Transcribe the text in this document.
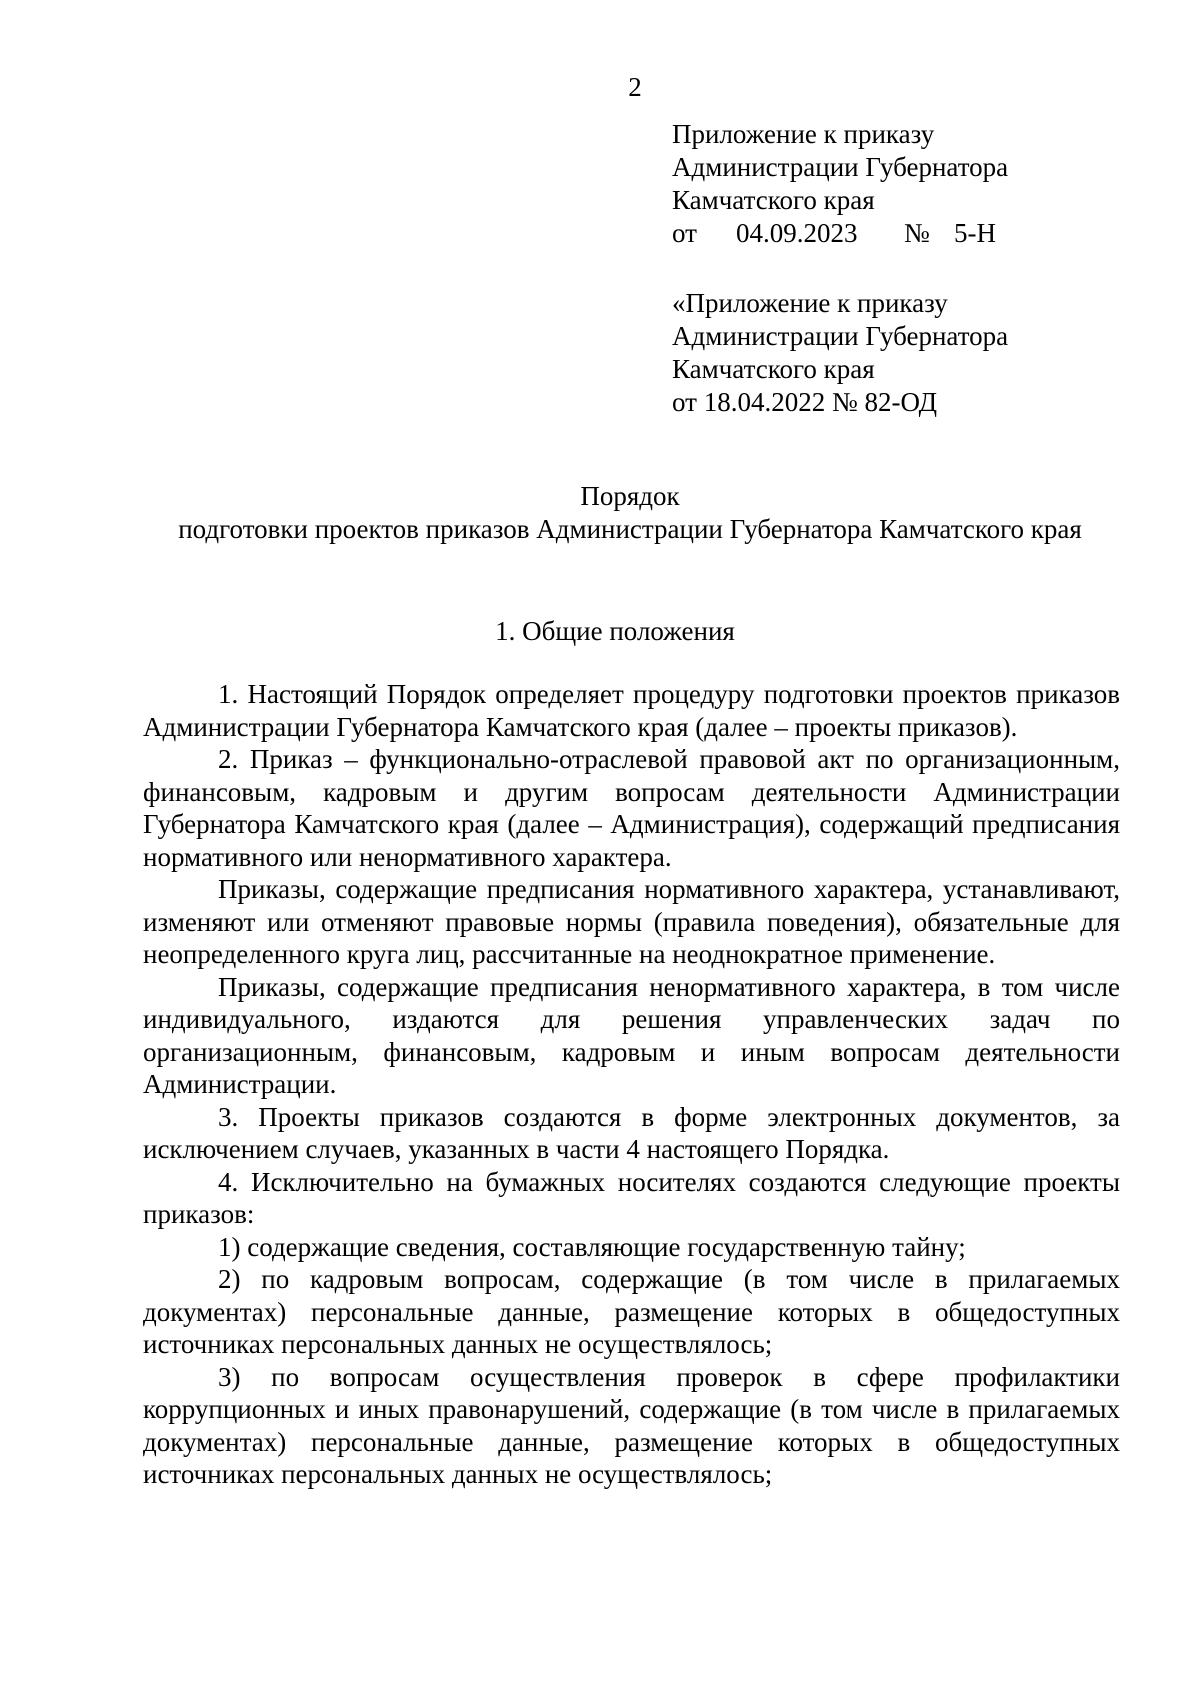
2
Приложение к приказу
Администрации Губернатора
Камчатского края
от 04.09.2023 № 5-Н
«Приложение к приказу
Администрации Губернатора
Камчатского края
от 18.04.2022 № 82-ОД
Порядок
подготовки проектов приказов Администрации Губернатора Камчатского края
1. Общие положения

1. Настоящий Порядок определяет процедуру подготовки проектов приказов Администрации Губернатора Камчатского края (далее – проекты приказов).

2. Приказ – функционально-отраслевой правовой акт по организационным, финансовым, кадровым и другим вопросам деятельности Администрации Губернатора Камчатского края (далее – Администрация), содержащий предписания нормативного или ненормативного характера.

Приказы, содержащие предписания нормативного характера, устанавливают, изменяют или отменяют правовые нормы (правила поведения), обязательные для неопределенного круга лиц, рассчитанные на неоднократное применение.

Приказы, содержащие предписания ненормативного характера, в том числе индивидуального, издаются для решения управленческих задач по организационным, финансовым, кадровым и иным вопросам деятельности Администрации.

3. Проекты приказов создаются в форме электронных документов, за исключением случаев, указанных в части 4 настоящего Порядка.

4. Исключительно на бумажных носителях создаются следующие проекты приказов:

1) содержащие сведения, составляющие государственную тайну;

2) по кадровым вопросам, содержащие (в том числе в прилагаемых документах) персональные данные, размещение которых в общедоступных источниках персональных данных не осуществлялось;

3) по вопросам осуществления проверок в сфере профилактики коррупционных и иных правонарушений, содержащие (в том числе в прилагаемых документах) персональные данные, размещение которых в общедоступных источниках персональных данных не осуществлялось;
